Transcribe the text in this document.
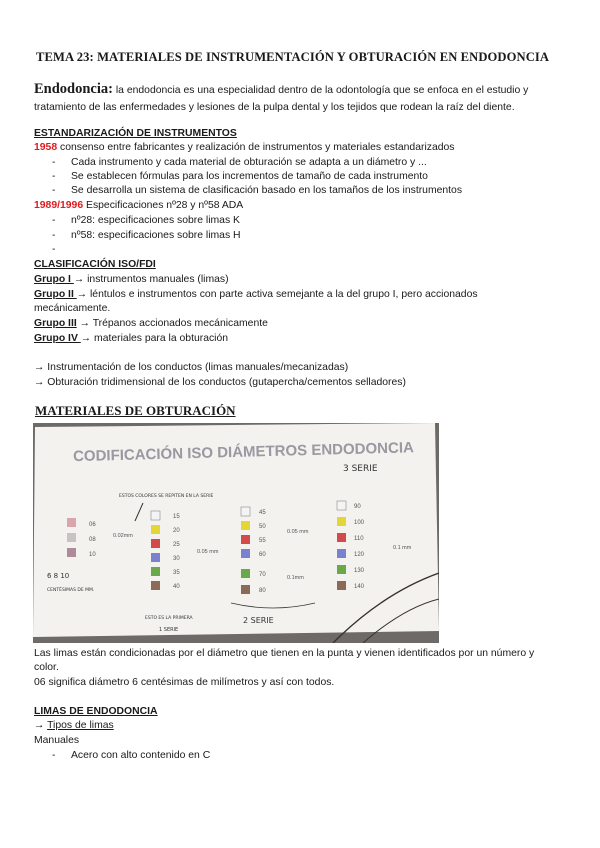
TEMA 23: MATERIALES DE INSTRUMENTACIÓN Y OBTURACIÓN EN ENDODONCIA
Endodoncia: la endodoncia es una especialidad dentro de la odontología que se enfoca en el estudio y tratamiento de las enfermedades y lesiones de la pulpa dental y los tejidos que rodean la raíz del diente.
ESTANDARIZACIÓN DE INSTRUMENTOS
1958 consenso entre fabricantes y realización de instrumentos y materiales estandarizados
- Cada instrumento y cada material de obturación se adapta a un diámetro y ...
- Se establecen fórmulas para los incrementos de tamaño de cada instrumento
- Se desarrolla un sistema de clasificación basado en los tamaños de los instrumentos
1989/1996 Especificaciones nº28 y nº58 ADA
- nº28: especificaciones sobre limas K
- nº58: especificaciones sobre limas H
-
CLASIFICACIÓN ISO/FDI
Grupo I → instrumentos manuales (limas)
Grupo II → léntulos e instrumentos con parte activa semejante a la del grupo I, pero accionados
mecánicamente.
Grupo III → Trépanos accionados mecánicamente
Grupo IV → materiales para la obturación
→ Instrumentación de los conductos (limas manuales/mecanizadas)
→ Obturación tridimensional de los conductos (gutapercha/cementos selladores)
MATERIALES DE OBTURACIÓN
CODIFICACIÓN ISO DIÁMETROS ENDODONCIA
3 SERIE
ESTOS COLORES SE REPITEN EN LA SERIE
06
08
10
0.02mm
6 8 10
CENTÉSIMAS DE MM.
15
20
25
30
35
40
0.05 mm
ESTO ES LA PRIMERA
1 SERIE
45
50
55
60
70
80
0.05 mm
0.1mm
2 SERIE
90
100
110
120
130
140
0.1 mm
Las limas están condicionadas por el diámetro que tienen en la punta y vienen identificados por un número y
color.
06 significa diámetro 6 centésimas de milímetros y así con todos.
LIMAS DE ENDODONCIA
→ Tipos de limas
Manuales
- Acero con alto contenido en C
